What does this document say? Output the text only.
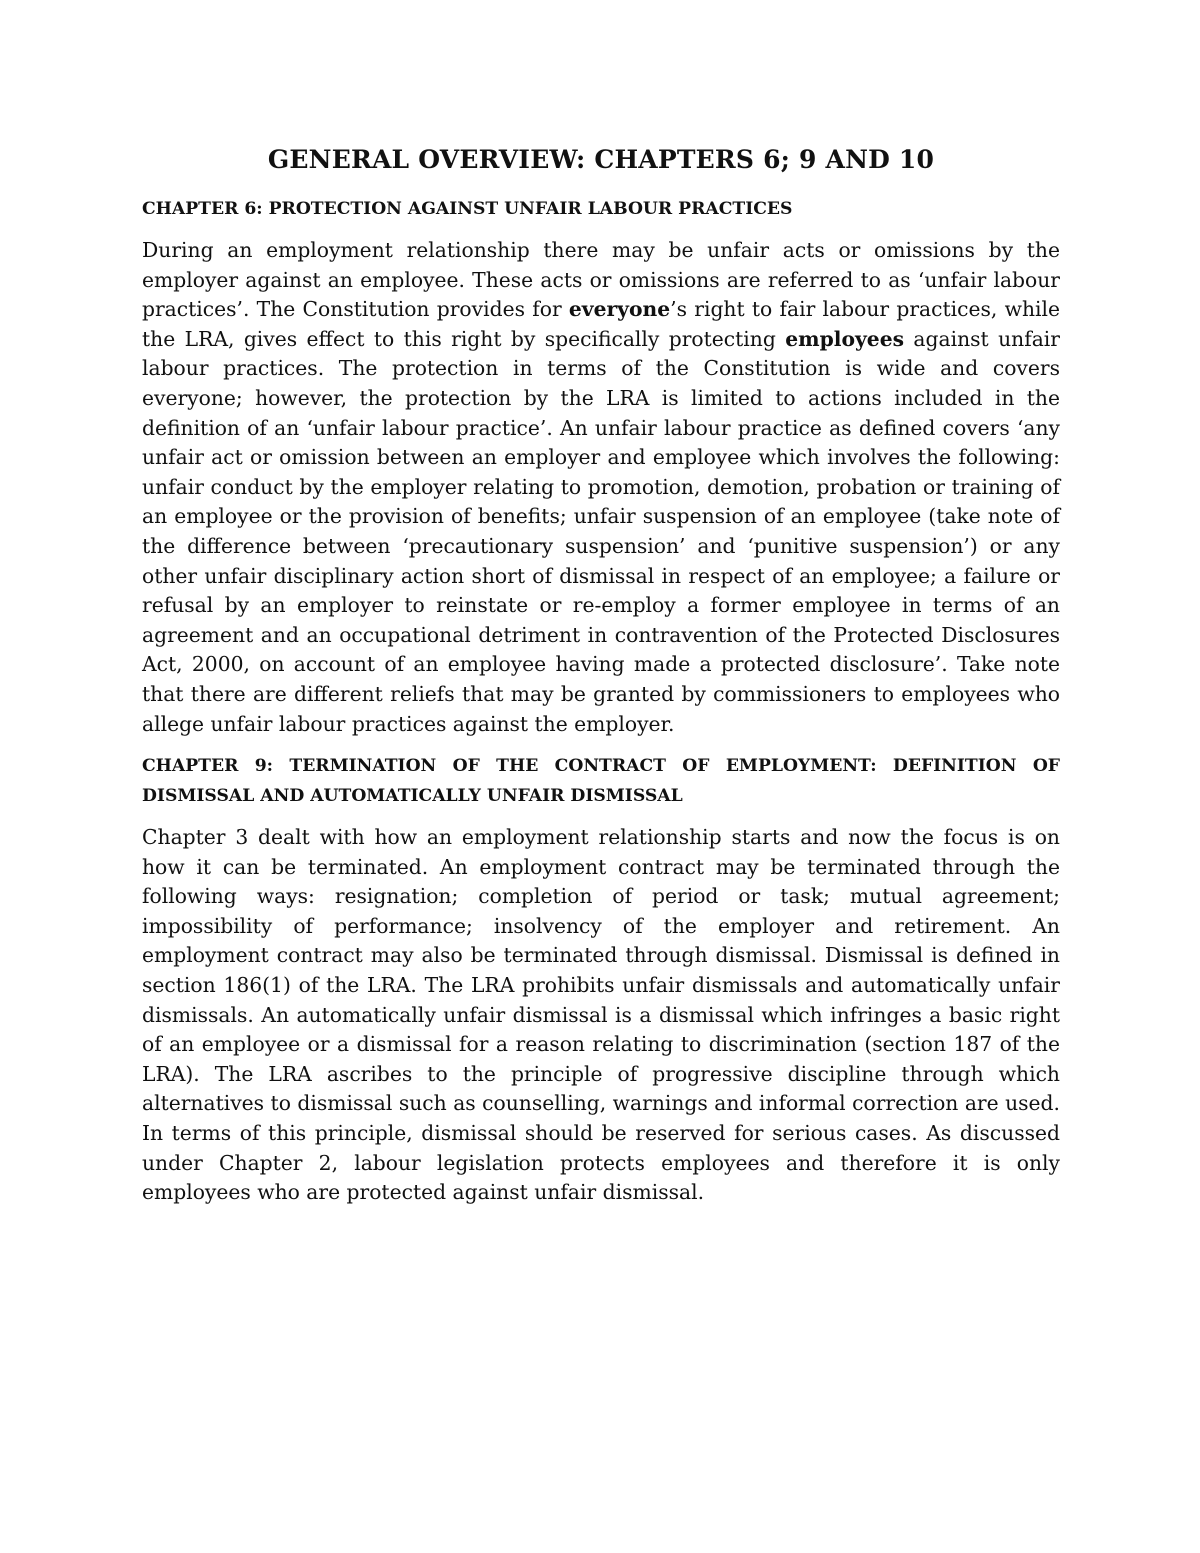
GENERAL OVERVIEW: CHAPTERS 6; 9 AND 10
CHAPTER 6: PROTECTION AGAINST UNFAIR LABOUR PRACTICES

During an employment relationship there may be unfair acts or omissions by the employer against an employee. These acts or omissions are referred to as ‘unfair labour practices’. The Constitution provides for everyone’s right to fair labour practices, while the LRA, gives effect to this right by specifically protecting employees against unfair labour practices. The protection in terms of the Constitution is wide and covers everyone; however, the protection by the LRA is limited to actions included in the definition of an ‘unfair labour practice’. An unfair labour practice as defined covers ‘any unfair act or omission between an employer and employee which involves the following: unfair conduct by the employer relating to promotion, demotion, probation or training of an employee or the provision of benefits; unfair suspension of an employee (take note of the difference between ‘precautionary suspension’ and ‘punitive suspension’) or any other unfair disciplinary action short of dismissal in respect of an employee; a failure or refusal by an employer to reinstate or re-employ a former employee in terms of an agreement and an occupational detriment in contravention of the Protected Disclosures Act, 2000, on account of an employee having made a protected disclosure’. Take note that there are different reliefs that may be granted by commissioners to employees who allege unfair labour practices against the employer.

CHAPTER 9: TERMINATION OF THE CONTRACT OF EMPLOYMENT: DEFINITION OF DISMISSAL AND AUTOMATICALLY UNFAIR DISMISSAL

Chapter 3 dealt with how an employment relationship starts and now the focus is on how it can be terminated. An employment contract may be terminated through the following ways: resignation; completion of period or task; mutual agreement; impossibility of performance; insolvency of the employer and retirement. An employment contract may also be terminated through dismissal. Dismissal is defined in section 186(1) of the LRA. The LRA prohibits unfair dismissals and automatically unfair dismissals. An automatically unfair dismissal is a dismissal which infringes a basic right of an employee or a dismissal for a reason relating to discrimination (section 187 of the LRA). The LRA ascribes to the principle of progressive discipline through which alternatives to dismissal such as counselling, warnings and informal correction are used. In terms of this principle, dismissal should be reserved for serious cases. As discussed under Chapter 2, labour legislation protects employees and therefore it is only employees who are protected against unfair dismissal.
